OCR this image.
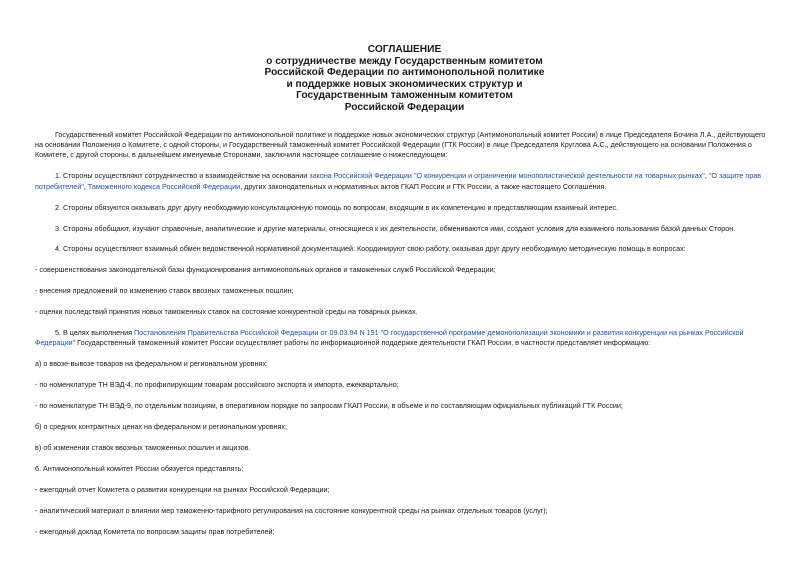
СОГЛАШЕНИЕ
о сотрудничестве между Государственным комитетом
Российской Федерации по антимонопольной политике
и поддержке новых экономических структур и
Государственным таможенным комитетом
Российской Федерации
Государственный комитет Российской Федерации по антимонопольной политике и поддержке новых экономических структур (Антимонопольный комитет России) в лице Председателя Бочина Л.А., действующего
на основании Положения о Комитете, с одной стороны, и Государственный таможенный комитет Российской Федерации (ГТК России) в лице Председателя Круглова А.С., действующего на основании Положения о
Комитете, с другой стороны, в дальнейшем именуемые Сторонами, заключили настоящее соглашение о нижеследующем:
1. Стороны осуществляют сотрудничество и взаимодействие на основании закона Российской Федерации "О конкуренции и ограничении монополистической деятельности на товарных рынках", "О защите прав
потребителей", Таможенного кодекса Российской Федерации, других законодательных и нормативных актов ГКАП России и ГТК России, а также настоящего Соглашения.
2. Стороны обязуются оказывать друг другу необходимую консультационную помощь по вопросам, входящим в их компетенцию и представляющим взаимный интерес.
3. Стороны обобщают, изучают справочные, аналитические и другие материалы, относящиеся к их деятельности, обмениваются ими, создают условия для взаимного пользования базой данных Сторон.
4. Стороны осуществляют взаимный обмен ведомственной нормативной документацией. Координируют свою работу, оказывая друг другу необходимую методическую помощь в вопросах:
- совершенствования законодательной базы функционирования антимонопольных органов и таможенных служб Российской Федерации;
- внесения предложений по изменению ставок ввозных таможенных пошлин;
- оценки последствий принятия новых таможенных ставок на состояние конкурентной среды на товарных рынках.
5. В целях выполнения Постановления Правительства Российской Федерации от 09.03.94 N 191 "О государственной программе демонополизации экономики и развития конкуренции на рынках Российской
Федерации" Государственный таможенный комитет России осуществляет работы по информационной поддержке деятельности ГКАП России, в частности представляет информацию:
а) о ввозе-вывозе товаров на федеральном и региональном уровнях:
- по номенклатуре ТН ВЭД-4, по профилирующим товарам российского экспорта и импорта, ежеквартально;
- по номенклатуре ТН ВЭД-9, по отдельным позициям, в оперативном порядке по запросам ГКАП России, в объеме и по составляющим официальных публикаций ГТК России;
б) о средних контрактных ценах на федеральном и региональном уровнях;
в) об изменении ставок ввозных таможенных пошлин и акцизов.
6. Антимонопольный комитет России обязуется представлять:
- ежегодный отчет Комитета о развитии конкуренции на рынках Российской Федерации;
- аналитический материал о влиянии мер таможенно-тарифного регулирования на состояние конкурентной среды на рынках отдельных товаров (услуг);
- ежегодный доклад Комитета по вопросам защиты прав потребителей;
